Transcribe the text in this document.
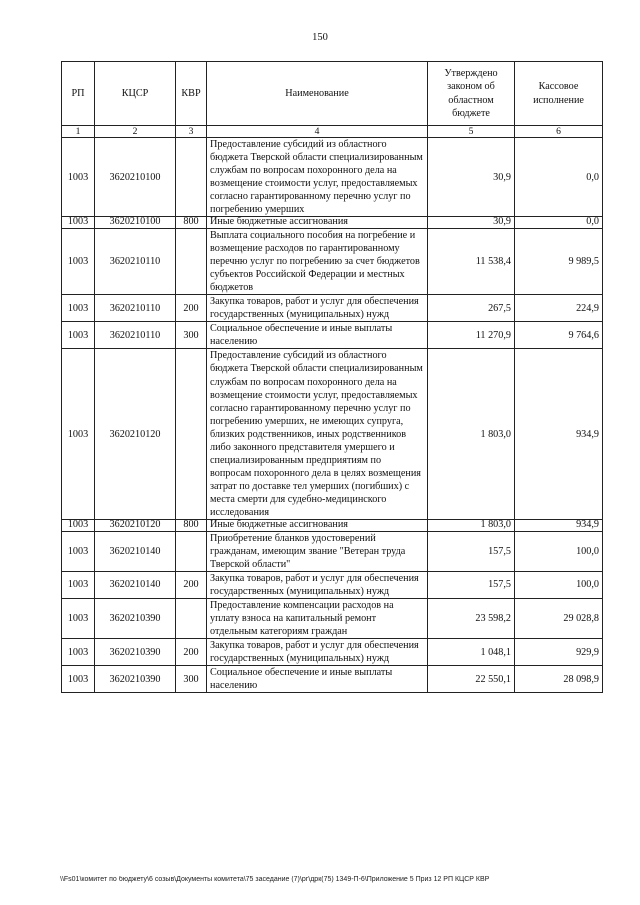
150
РП	КЦСР	КВР	Наименование	Утверждено законом об областном бюджете	Кассовое исполнение
1	2	3	4	5	6
1003	3620210100		Предоставление субсидий из областного бюджета Тверской области специализированным службам по вопросам похоронного дела на возмещение стоимости услуг, предоставляемых согласно гарантированному перечню услуг по погребению умерших	30,9	0,0
1003	3620210100	800	Иные бюджетные ассигнования	30,9	0,0
1003	3620210110		Выплата социального пособия на погребение и возмещение расходов по гарантированному перечню услуг по погребению за счет бюджетов субъектов Российской Федерации и местных бюджетов	11 538,4	9 989,5
1003	3620210110	200	Закупка товаров, работ и услуг для обеспечения государственных (муниципальных) нужд	267,5	224,9
1003	3620210110	300	Социальное обеспечение и иные выплаты населению	11 270,9	9 764,6
1003	3620210120		Предоставление субсидий из областного бюджета Тверской области специализированным службам по вопросам похоронного дела на возмещение стоимости услуг, предоставляемых согласно гарантированному перечню услуг по погребению умерших, не имеющих супруга, близких родственников, иных родственников либо законного представителя умершего и специализированным предприятиям по вопросам похоронного дела в целях возмещения затрат по доставке тел умерших (погибших) с места смерти для судебно-медицинского исследования	1 803,0	934,9
1003	3620210120	800	Иные бюджетные ассигнования	1 803,0	934,9
1003	3620210140		Приобретение бланков удостоверений гражданам, имеющим звание "Ветеран труда Тверской области"	157,5	100,0
1003	3620210140	200	Закупка товаров, работ и услуг для обеспечения государственных (муниципальных) нужд	157,5	100,0
1003	3620210390		Предоставление компенсации расходов на уплату взноса на капитальный ремонт отдельным категориям граждан	23 598,2	29 028,8
1003	3620210390	200	Закупка товаров, работ и услуг для обеспечения государственных (муниципальных) нужд	1 048,1	929,9
1003	3620210390	300	Социальное обеспечение и иные выплаты населению	22 550,1	28 098,9
\\Fs01\комитет по бюджету\6 созыв\Документы комитета\75 заседание (7)\рг\дрк(75) 1349-П-6\Приложение 5 Приз 12 РП КЦСР КВР
